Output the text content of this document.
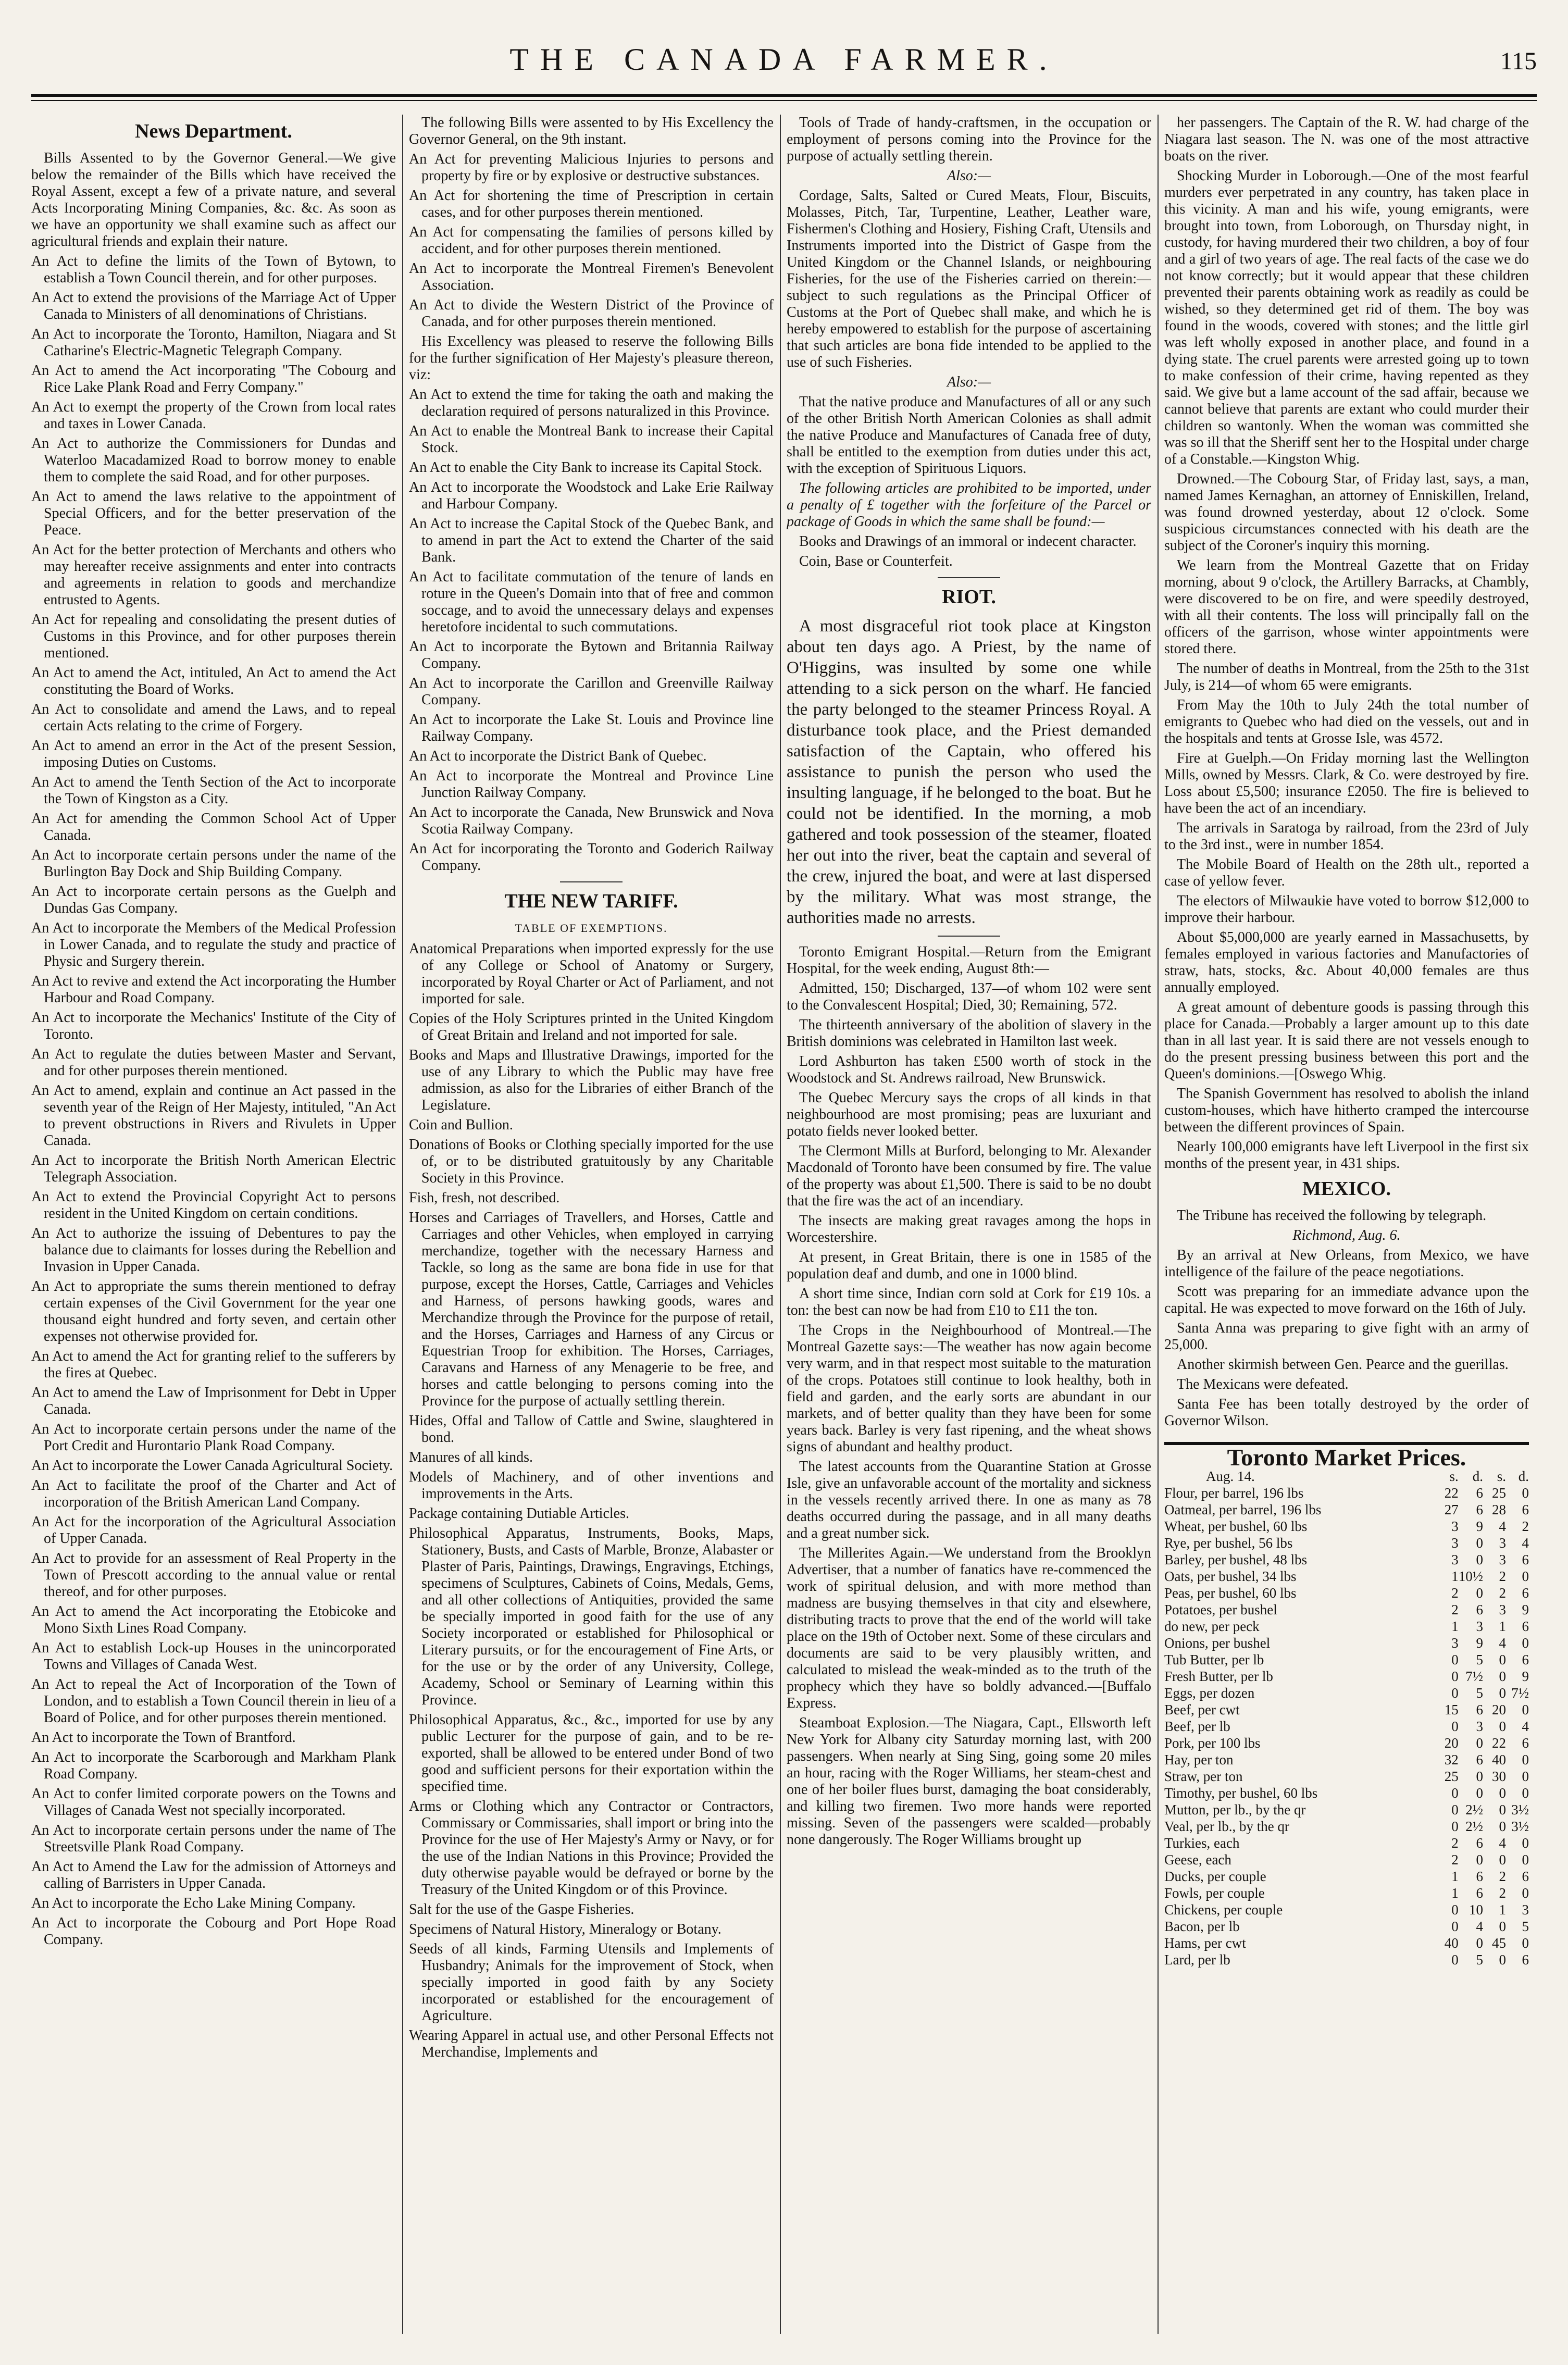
THE CANADA FARMER.	115
News Department.

Bills Assented to by the Governor General.—We give below the remainder of the Bills which have received the Royal Assent, except a few of a private nature, and several Acts Incorporating Mining Companies, &c. &c. As soon as we have an opportunity we shall examine such as affect our agricultural friends and explain their nature.

An Act to define the limits of the Town of Bytown, to establish a Town Council therein, and for other purposes.

An Act to extend the provisions of the Marriage Act of Upper Canada to Ministers of all denominations of Christians.

An Act to incorporate the Toronto, Hamilton, Niagara and St Catharine's Electric-Magnetic Telegraph Company.

An Act to amend the Act incorporating "The Cobourg and Rice Lake Plank Road and Ferry Company."

An Act to exempt the property of the Crown from local rates and taxes in Lower Canada.

An Act to authorize the Commissioners for Dundas and Waterloo Macadamized Road to borrow money to enable them to complete the said Road, and for other purposes.

An Act to amend the laws relative to the appointment of Special Officers, and for the better preservation of the Peace.

An Act for the better protection of Merchants and others who may hereafter receive assignments and enter into contracts and agreements in relation to goods and merchandize entrusted to Agents.

An Act for repealing and consolidating the present duties of Customs in this Province, and for other purposes therein mentioned.

An Act to amend the Act, intituled, An Act to amend the Act constituting the Board of Works.

An Act to consolidate and amend the Laws, and to repeal certain Acts relating to the crime of Forgery.

An Act to amend an error in the Act of the present Session, imposing Duties on Customs.

An Act to amend the Tenth Section of the Act to incorporate the Town of Kingston as a City.

An Act for amending the Common School Act of Upper Canada.

An Act to incorporate certain persons under the name of the Burlington Bay Dock and Ship Building Company.

An Act to incorporate certain persons as the Guelph and Dundas Gas Company.

An Act to incorporate the Members of the Medical Profession in Lower Canada, and to regulate the study and practice of Physic and Surgery therein.

An Act to revive and extend the Act incorporating the Humber Harbour and Road Company.

An Act to incorporate the Mechanics' Institute of the City of Toronto.

An Act to regulate the duties between Master and Servant, and for other purposes therein mentioned.

An Act to amend, explain and continue an Act passed in the seventh year of the Reign of Her Majesty, intituled, "An Act to prevent obstructions in Rivers and Rivulets in Upper Canada.

An Act to incorporate the British North American Electric Telegraph Association.

An Act to extend the Provincial Copyright Act to persons resident in the United Kingdom on certain conditions.

An Act to authorize the issuing of Debentures to pay the balance due to claimants for losses during the Rebellion and Invasion in Upper Canada.

An Act to appropriate the sums therein mentioned to defray certain expenses of the Civil Government for the year one thousand eight hundred and forty seven, and certain other expenses not otherwise provided for.

An Act to amend the Act for granting relief to the sufferers by the fires at Quebec.

An Act to amend the Law of Imprisonment for Debt in Upper Canada.

An Act to incorporate certain persons under the name of the Port Credit and Hurontario Plank Road Company.

An Act to incorporate the Lower Canada Agricultural Society.

An Act to facilitate the proof of the Charter and Act of incorporation of the British American Land Company.

An Act for the incorporation of the Agricultural Association of Upper Canada.

An Act to provide for an assessment of Real Property in the Town of Prescott according to the annual value or rental thereof, and for other purposes.

An Act to amend the Act incorporating the Etobicoke and Mono Sixth Lines Road Company.

An Act to establish Lock-up Houses in the unincorporated Towns and Villages of Canada West.

An Act to repeal the Act of Incorporation of the Town of London, and to establish a Town Council therein in lieu of a Board of Police, and for other purposes therein mentioned.

An Act to incorporate the Town of Brantford.

An Act to incorporate the Scarborough and Markham Plank Road Company.

An Act to confer limited corporate powers on the Towns and Villages of Canada West not specially incorporated.

An Act to incorporate certain persons under the name of The Streetsville Plank Road Company.

An Act to Amend the Law for the admission of Attorneys and calling of Barristers in Upper Canada.

An Act to incorporate the Echo Lake Mining Company.

An Act to incorporate the Cobourg and Port Hope Road Company.

The following Bills were assented to by His Excellency the Governor General, on the 9th instant.

An Act for preventing Malicious Injuries to persons and property by fire or by explosive or destructive substances.

An Act for shortening the time of Prescription in certain cases, and for other purposes therein mentioned.

An Act for compensating the families of persons killed by accident, and for other purposes therein mentioned.

An Act to incorporate the Montreal Firemen's Benevolent Association.

An Act to divide the Western District of the Province of Canada, and for other purposes therein mentioned.

His Excellency was pleased to reserve the following Bills for the further signification of Her Majesty's pleasure thereon, viz:

An Act to extend the time for taking the oath and making the declaration required of persons naturalized in this Province.

An Act to enable the Montreal Bank to increase their Capital Stock.

An Act to enable the City Bank to increase its Capital Stock.

An Act to incorporate the Woodstock and Lake Erie Railway and Harbour Company.

An Act to increase the Capital Stock of the Quebec Bank, and to amend in part the Act to extend the Charter of the said Bank.

An Act to facilitate commutation of the tenure of lands en roture in the Queen's Domain into that of free and common soccage, and to avoid the unnecessary delays and expenses heretofore incidental to such commutations.

An Act to incorporate the Bytown and Britannia Railway Company.

An Act to incorporate the Carillon and Greenville Railway Company.

An Act to incorporate the Lake St. Louis and Province line Railway Company.

An Act to incorporate the District Bank of Quebec.

An Act to incorporate the Montreal and Province Line Junction Railway Company.

An Act to incorporate the Canada, New Brunswick and Nova Scotia Railway Company.

An Act for incorporating the Toronto and Goderich Railway Company.

THE NEW TARIFF.
TABLE OF EXEMPTIONS.

Anatomical Preparations when imported expressly for the use of any College or School of Anatomy or Surgery, incorporated by Royal Charter or Act of Parliament, and not imported for sale.

Copies of the Holy Scriptures printed in the United Kingdom of Great Britain and Ireland and not imported for sale.

Books and Maps and Illustrative Drawings, imported for the use of any Library to which the Public may have free admission, as also for the Libraries of either Branch of the Legislature.

Coin and Bullion.

Donations of Books or Clothing specially imported for the use of, or to be distributed gratuitously by any Charitable Society in this Province.

Fish, fresh, not described.

Horses and Carriages of Travellers, and Horses, Cattle and Carriages and other Vehicles, when employed in carrying merchandize, together with the necessary Harness and Tackle, so long as the same are bona fide in use for that purpose, except the Horses, Cattle, Carriages and Vehicles and Harness, of persons hawking goods, wares and Merchandize through the Province for the purpose of retail, and the Horses, Carriages and Harness of any Circus or Equestrian Troop for exhibition. The Horses, Carriages, Caravans and Harness of any Menagerie to be free, and horses and cattle belonging to persons coming into the Province for the purpose of actually settling therein.

Hides, Offal and Tallow of Cattle and Swine, slaughtered in bond.

Manures of all kinds.

Models of Machinery, and of other inventions and improvements in the Arts.

Package containing Dutiable Articles.

Philosophical Apparatus, Instruments, Books, Maps, Stationery, Busts, and Casts of Marble, Bronze, Alabaster or Plaster of Paris, Paintings, Drawings, Engravings, Etchings, specimens of Sculptures, Cabinets of Coins, Medals, Gems, and all other collections of Antiquities, provided the same be specially imported in good faith for the use of any Society incorporated or established for Philosophical or Literary pursuits, or for the encouragement of Fine Arts, or for the use or by the order of any University, College, Academy, School or Seminary of Learning within this Province.

Philosophical Apparatus, &c., &c., imported for use by any public Lecturer for the purpose of gain, and to be re-exported, shall be allowed to be entered under Bond of two good and sufficient persons for their exportation within the specified time.

Arms or Clothing which any Contractor or Contractors, Commissary or Commissaries, shall import or bring into the Province for the use of Her Majesty's Army or Navy, or for the use of the Indian Nations in this Province; Provided the duty otherwise payable would be defrayed or borne by the Treasury of the United Kingdom or of this Province.

Salt for the use of the Gaspe Fisheries.

Specimens of Natural History, Mineralogy or Botany.

Seeds of all kinds, Farming Utensils and Implements of Husbandry; Animals for the improvement of Stock, when specially imported in good faith by any Society incorporated or established for the encouragement of Agriculture.

Wearing Apparel in actual use, and other Personal Effects not Merchandise, Implements and

Tools of Trade of handy-craftsmen, in the occupation or employment of persons coming into the Province for the purpose of actually settling therein.

Also:—

Cordage, Salts, Salted or Cured Meats, Flour, Biscuits, Molasses, Pitch, Tar, Turpentine, Leather, Leather ware, Fishermen's Clothing and Hosiery, Fishing Craft, Utensils and Instruments imported into the District of Gaspe from the United Kingdom or the Channel Islands, or neighbouring Fisheries, for the use of the Fisheries carried on therein:—subject to such regulations as the Principal Officer of Customs at the Port of Quebec shall make, and which he is hereby empowered to establish for the purpose of ascertaining that such articles are bona fide intended to be applied to the use of such Fisheries.

Also:—

That the native produce and Manufactures of all or any such of the other British North American Colonies as shall admit the native Produce and Manufactures of Canada free of duty, shall be entitled to the exemption from duties under this act, with the exception of Spirituous Liquors.

The following articles are prohibited to be imported, under a penalty of £ together with the forfeiture of the Parcel or package of Goods in which the same shall be found:—

Books and Drawings of an immoral or indecent character.

Coin, Base or Counterfeit.

RIOT.

A most disgraceful riot took place at Kingston about ten days ago. A Priest, by the name of O'Higgins, was insulted by some one while attending to a sick person on the wharf. He fancied the party belonged to the steamer Princess Royal. A disturbance took place, and the Priest demanded satisfaction of the Captain, who offered his assistance to punish the person who used the insulting language, if he belonged to the boat. But he could not be identified. In the morning, a mob gathered and took possession of the steamer, floated her out into the river, beat the captain and several of the crew, injured the boat, and were at last dispersed by the military. What was most strange, the authorities made no arrests.

Toronto Emigrant Hospital.—Return from the Emigrant Hospital, for the week ending, August 8th:—

Admitted, 150; Discharged, 137—of whom 102 were sent to the Convalescent Hospital; Died, 30; Remaining, 572.

The thirteenth anniversary of the abolition of slavery in the British dominions was celebrated in Hamilton last week.

Lord Ashburton has taken £500 worth of stock in the Woodstock and St. Andrews railroad, New Brunswick.

The Quebec Mercury says the crops of all kinds in that neighbourhood are most promising; peas are luxuriant and potato fields never looked better.

The Clermont Mills at Burford, belonging to Mr. Alexander Macdonald of Toronto have been consumed by fire. The value of the property was about £1,500. There is said to be no doubt that the fire was the act of an incendiary.

The insects are making great ravages among the hops in Worcestershire.

At present, in Great Britain, there is one in 1585 of the population deaf and dumb, and one in 1000 blind.

A short time since, Indian corn sold at Cork for £19 10s. a ton: the best can now be had from £10 to £11 the ton.

The Crops in the Neighbourhood of Montreal.—The Montreal Gazette says:—The weather has now again become very warm, and in that respect most suitable to the maturation of the crops. Potatoes still continue to look healthy, both in field and garden, and the early sorts are abundant in our markets, and of better quality than they have been for some years back. Barley is very fast ripening, and the wheat shows signs of abundant and healthy product.

The latest accounts from the Quarantine Station at Grosse Isle, give an unfavorable account of the mortality and sickness in the vessels recently arrived there. In one as many as 78 deaths occurred during the passage, and in all many deaths and a great number sick.

The Millerites Again.—We understand from the Brooklyn Advertiser, that a number of fanatics have re-commenced the work of spiritual delusion, and with more method than madness are busying themselves in that city and elsewhere, distributing tracts to prove that the end of the world will take place on the 19th of October next. Some of these circulars and documents are said to be very plausibly written, and calculated to mislead the weak-minded as to the truth of the prophecy which they have so boldly advanced.—[Buffalo Express.

Steamboat Explosion.—The Niagara, Capt., Ellsworth left New York for Albany city Saturday morning last, with 200 passengers. When nearly at Sing Sing, going some 20 miles an hour, racing with the Roger Williams, her steam-chest and one of her boiler flues burst, damaging the boat considerably, and killing two firemen. Two more hands were reported missing. Seven of the passengers were scalded—probably none dangerously. The Roger Williams brought up

her passengers. The Captain of the R. W. had charge of the Niagara last season. The N. was one of the most attractive boats on the river.

Shocking Murder in Loborough.—One of the most fearful murders ever perpetrated in any country, has taken place in this vicinity. A man and his wife, young emigrants, were brought into town, from Loborough, on Thursday night, in custody, for having murdered their two children, a boy of four and a girl of two years of age. The real facts of the case we do not know correctly; but it would appear that these children prevented their parents obtaining work as readily as could be wished, so they determined get rid of them. The boy was found in the woods, covered with stones; and the little girl was left wholly exposed in another place, and found in a dying state. The cruel parents were arrested going up to town to make confession of their crime, having repented as they said. We give but a lame account of the sad affair, because we cannot believe that parents are extant who could murder their children so wantonly. When the woman was committed she was so ill that the Sheriff sent her to the Hospital under charge of a Constable.—Kingston Whig.

Drowned.—The Cobourg Star, of Friday last, says, a man, named James Kernaghan, an attorney of Enniskillen, Ireland, was found drowned yesterday, about 12 o'clock. Some suspicious circumstances connected with his death are the subject of the Coroner's inquiry this morning.

We learn from the Montreal Gazette that on Friday morning, about 9 o'clock, the Artillery Barracks, at Chambly, were discovered to be on fire, and were speedily destroyed, with all their contents. The loss will principally fall on the officers of the garrison, whose winter appointments were stored there.

The number of deaths in Montreal, from the 25th to the 31st July, is 214—of whom 65 were emigrants.

From May the 10th to July 24th the total number of emigrants to Quebec who had died on the vessels, out and in the hospitals and tents at Grosse Isle, was 4572.

Fire at Guelph.—On Friday morning last the Wellington Mills, owned by Messrs. Clark, & Co. were destroyed by fire. Loss about £5,500; insurance £2050. The fire is believed to have been the act of an incendiary.

The arrivals in Saratoga by railroad, from the 23rd of July to the 3rd inst., were in number 1854.

The Mobile Board of Health on the 28th ult., reported a case of yellow fever.

The electors of Milwaukie have voted to borrow $12,000 to improve their harbour.

About $5,000,000 are yearly earned in Massachusetts, by females employed in various factories and Manufactories of straw, hats, stocks, &c. About 40,000 females are thus annually employed.

A great amount of debenture goods is passing through this place for Canada.—Probably a larger amount up to this date than in all last year. It is said there are not vessels enough to do the present pressing business between this port and the Queen's dominions.—[Oswego Whig.

The Spanish Government has resolved to abolish the inland custom-houses, which have hitherto cramped the intercourse between the different provinces of Spain.

Nearly 100,000 emigrants have left Liverpool in the first six months of the present year, in 431 ships.

MEXICO.

The Tribune has received the following by telegraph.

Richmond, Aug. 6.

By an arrival at New Orleans, from Mexico, we have intelligence of the failure of the peace negotiations.

Scott was preparing for an immediate advance upon the capital. He was expected to move forward on the 16th of July.

Santa Anna was preparing to give fight with an army of 25,000.

Another skirmish between Gen. Pearce and the guerillas.

The Mexicans were defeated.

Santa Fee has been totally destroyed by the order of Governor Wilson.

Toronto Market Prices.
Aug. 14.	s.	d.	s.	d.
Flour, per barrel, 196 lbs	22	6	25	0
Oatmeal, per barrel, 196 lbs	27	6	28	6
Wheat, per bushel, 60 lbs	3	9	4	2
Rye, per bushel, 56 lbs	3	0	3	4
Barley, per bushel, 48 lbs	3	0	3	6
Oats, per bushel, 34 lbs	1	10½	2	0
Peas, per bushel, 60 lbs	2	0	2	6
Potatoes, per bushel	2	6	3	9
do new, per peck	1	3	1	6
Onions, per bushel	3	9	4	0
Tub Butter, per lb	0	5	0	6
Fresh Butter, per lb	0	7½	0	9
Eggs, per dozen	0	5	0	7½
Beef, per cwt	15	6	20	0
Beef, per lb	0	3	0	4
Pork, per 100 lbs	20	0	22	6
Hay, per ton	32	6	40	0
Straw, per ton	25	0	30	0
Timothy, per bushel, 60 lbs	0	0	0	0
Mutton, per lb., by the qr	0	2½	0	3½
Veal, per lb., by the qr	0	2½	0	3½
Turkies, each	2	6	4	0
Geese, each	2	0	0	0
Ducks, per couple	1	6	2	6
Fowls, per couple	1	6	2	0
Chickens, per couple	0	10	1	3
Bacon, per lb	0	4	0	5
Hams, per cwt	40	0	45	0
Lard, per lb	0	5	0	6
